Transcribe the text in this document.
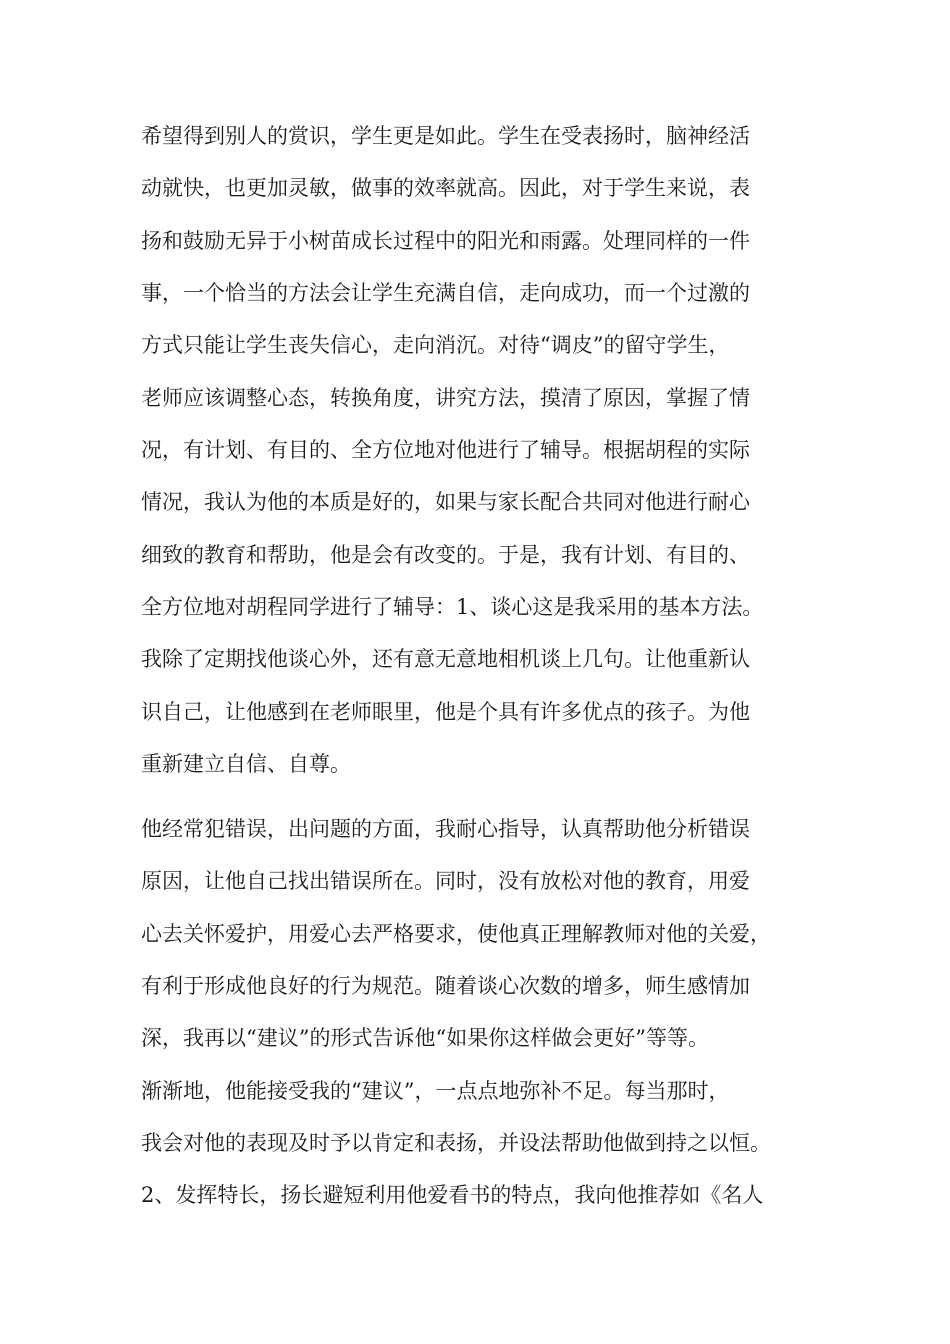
希望得到别人的赏识，学生更是如此。学生在受表扬时，脑神经活
动就快，也更加灵敏，做事的效率就高。因此，对于学生来说，表
扬和鼓励无异于小树苗成长过程中的阳光和雨露。处理同样的一件
事，一个恰当的方法会让学生充满自信，走向成功，而一个过激的
方式只能让学生丧失信心，走向消沉。对待“调皮”的留守学生，
老师应该调整心态，转换角度，讲究方法，摸清了原因，掌握了情
况，有计划、有目的、全方位地对他进行了辅导。根据胡程的实际
情况，我认为他的本质是好的，如果与家长配合共同对他进行耐心
细致的教育和帮助，他是会有改变的。于是，我有计划、有目的、
全方位地对胡程同学进行了辅导：1、谈心这是我采用的基本方法。
我除了定期找他谈心外，还有意无意地相机谈上几句。让他重新认
识自己，让他感到在老师眼里，他是个具有许多优点的孩子。为他
重新建立自信、自尊。
他经常犯错误，出问题的方面，我耐心指导，认真帮助他分析错误
原因，让他自己找出错误所在。同时，没有放松对他的教育，用爱
心去关怀爱护，用爱心去严格要求，使他真正理解教师对他的关爱，
有利于形成他良好的行为规范。随着谈心次数的增多，师生感情加
深，我再以“建议”的形式告诉他“如果你这样做会更好”等等。
渐渐地，他能接受我的“建议”，一点点地弥补不足。每当那时，
我会对他的表现及时予以肯定和表扬，并设法帮助他做到持之以恒。
2、发挥特长，扬长避短利用他爱看书的特点，我向他推荐如《名人
